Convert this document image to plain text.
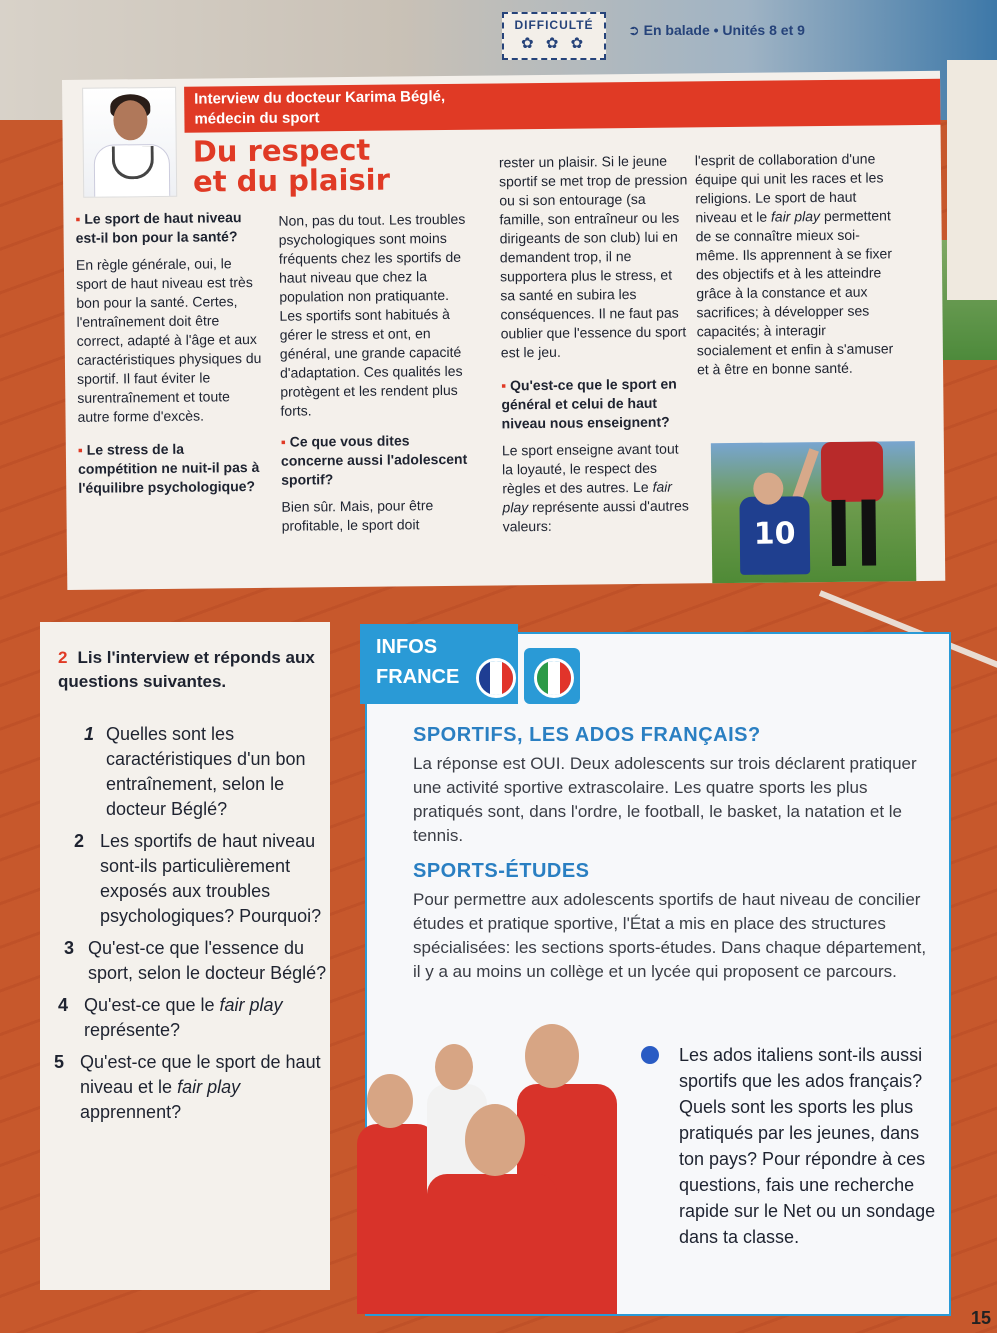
15
DIFFICULTÉ
✿ ✿ ✿
➲ En balade • Unités 8 et 9
Interview du docteur Karima Béglé,
médecin du sport
Du respect
et du plaisir

▪ Le sport de haut niveau est-il bon pour la santé?

En règle générale, oui, le sport de haut niveau est très bon pour la santé. Certes, l'entraînement doit être correct, adapté à l'âge et aux caractéristiques physiques du sportif. Il faut éviter le surentraînement et toute autre forme d'excès.

▪ Le stress de la compétition ne nuit-il pas à l'équilibre psychologique?

Non, pas du tout. Les troubles psychologiques sont moins fréquents chez les sportifs de haut niveau que chez la population non pratiquante. Les sportifs sont habitués à gérer le stress et ont, en général, une grande capacité d'adaptation. Ces qualités les protègent et les rendent plus forts.

▪ Ce que vous dites concerne aussi l'adolescent sportif?

Bien sûr. Mais, pour être profitable, le sport doit

rester un plaisir. Si le jeune sportif se met trop de pression ou si son entourage (sa famille, son entraîneur ou les dirigeants de son club) lui en demandent trop, il ne supportera plus le stress, et sa santé en subira les conséquences. Il ne faut pas oublier que l'essence du sport est le jeu.

▪ Qu'est-ce que le sport en général et celui de haut niveau nous enseignent?

Le sport enseigne avant tout la loyauté, le respect des règles et des autres. Le fair play représente aussi d'autres valeurs:

l'esprit de collaboration d'une équipe qui unit les races et les religions. Le sport de haut niveau et le fair play permettent de se connaître mieux soi-même. Ils apprennent à se fixer des objectifs et à les atteindre grâce à la constance et aux sacrifices; à développer ses capacités; à interagir socialement et enfin à s'amuser et à être en bonne santé.

10
2 Lis l'interview et réponds aux questions suivantes.
1 Quelles sont les caractéristiques d'un bon entraînement, selon le docteur Béglé?
2 Les sportifs de haut niveau sont-ils particulièrement exposés aux troubles psychologiques? Pourquoi?
3 Qu'est-ce que l'essence du sport, selon le docteur Béglé?
4 Qu'est-ce que le fair play représente?
5 Qu'est-ce que le sport de haut niveau et le fair play apprennent?
SPORTIFS, LES ADOS FRANÇAIS?

La réponse est OUI. Deux adolescents sur trois déclarent pratiquer une activité sportive extrascolaire. Les quatre sports les plus pratiqués sont, dans l'ordre, le football, le basket, la natation et le tennis.

SPORTS-ÉTUDES

Pour permettre aux adolescents sportifs de haut niveau de concilier études et pratique sportive, l'État a mis en place des structures spécialisées: les sections sports-études. Dans chaque département, il y a au moins un collège et un lycée qui proposent ce parcours.

Les ados italiens sont-ils aussi sportifs que les ados français? Quels sont les sports les plus pratiqués par les jeunes, dans ton pays? Pour répondre à ces questions, fais une recherche rapide sur le Net ou un sondage dans ta classe.
INFOS
FRANCE
